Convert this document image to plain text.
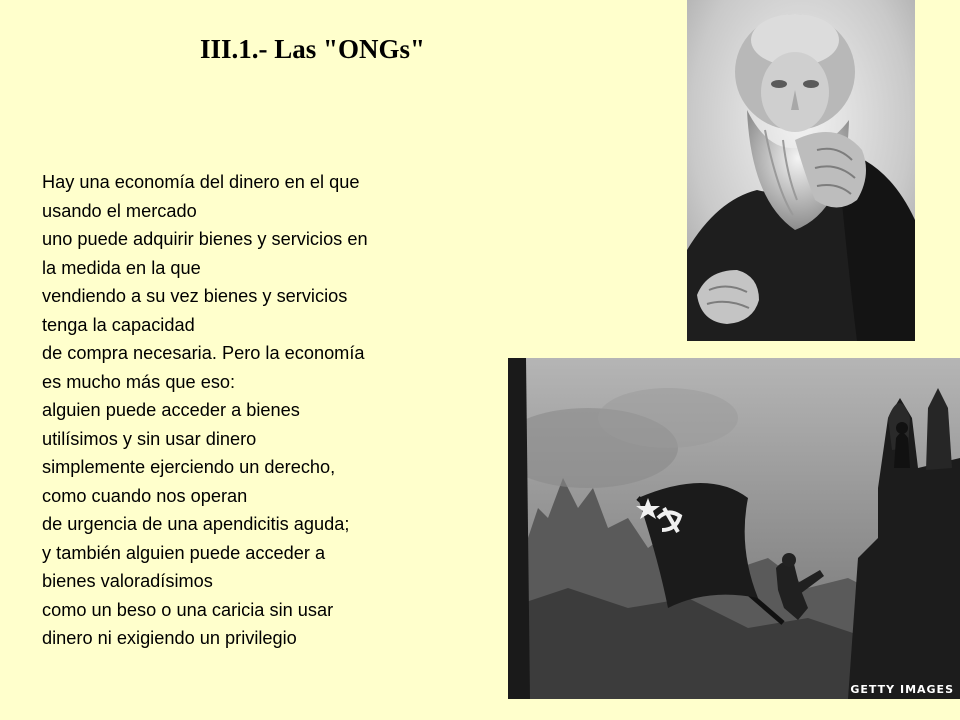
III.1.- Las "ONGs"
Hay una economía del dinero en el que
usando el mercado
uno puede adquirir bienes y servicios en
la medida en la que
vendiendo a su vez bienes y servicios
tenga la capacidad
de compra necesaria. Pero la economía
es mucho más que eso:
alguien puede acceder a bienes
utilísimos y sin usar dinero
simplemente ejerciendo un derecho,
como cuando nos operan
de urgencia de una apendicitis aguda;
y también alguien puede acceder a
bienes valoradísimos
como un beso o una caricia sin usar
dinero ni exigiendo un privilegio
GETTY IMAGES
